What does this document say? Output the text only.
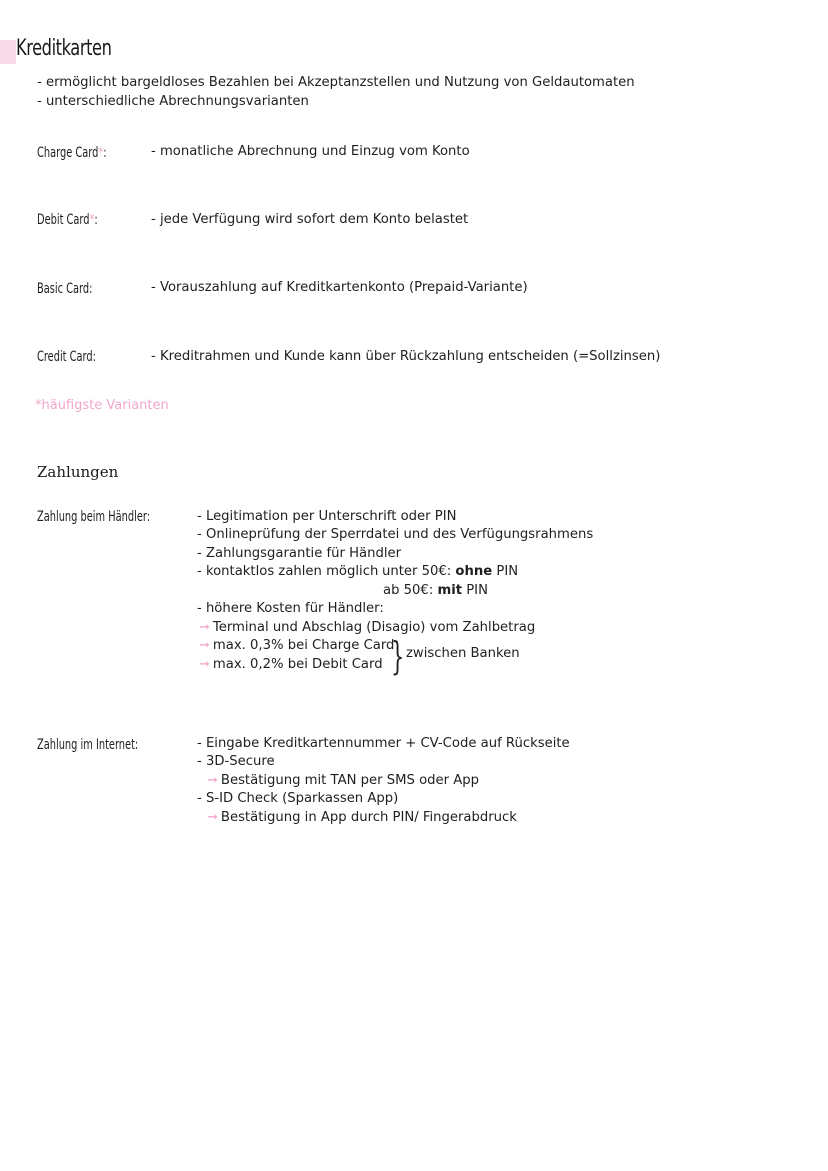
Kreditkarten
- ermöglicht bargeldloses Bezahlen bei Akzeptanzstellen und Nutzung von Geldautomaten
- unterschiedliche Abrechnungsvarianten
Charge Card*:	- monatliche Abrechnung und Einzug vom Konto
Debit Card*:	- jede Verfügung wird sofort dem Konto belastet
Basic Card:	- Vorauszahlung auf Kreditkartenkonto (Prepaid-Variante)
Credit Card:	- Kreditrahmen und Kunde kann über Rückzahlung entscheiden (=Sollzinsen)
*häufigste Varianten
Zahlungen
Zahlung beim Händler:	- Legitimation per Unterschrift oder PIN
- Onlineprüfung der Sperrdatei und des Verfügungsrahmens
- Zahlungsgarantie für Händler
- kontaktlos zahlen möglich unter 50€: ohne PIN
ab 50€: mit PIN
- höhere Kosten für Händler:
➞ Terminal und Abschlag (Disagio) vom Zahlbetrag
➞ max. 0,3% bei Charge Card
➞ max. 0,2% bei Debit Card } zwischen Banken
Zahlung im Internet:	- Eingabe Kreditkartennummer + CV-Code auf Rückseite
- 3D-Secure
➞ Bestätigung mit TAN per SMS oder App
- S-ID Check (Sparkassen App)
➞ Bestätigung in App durch PIN/ Fingerabdruck
